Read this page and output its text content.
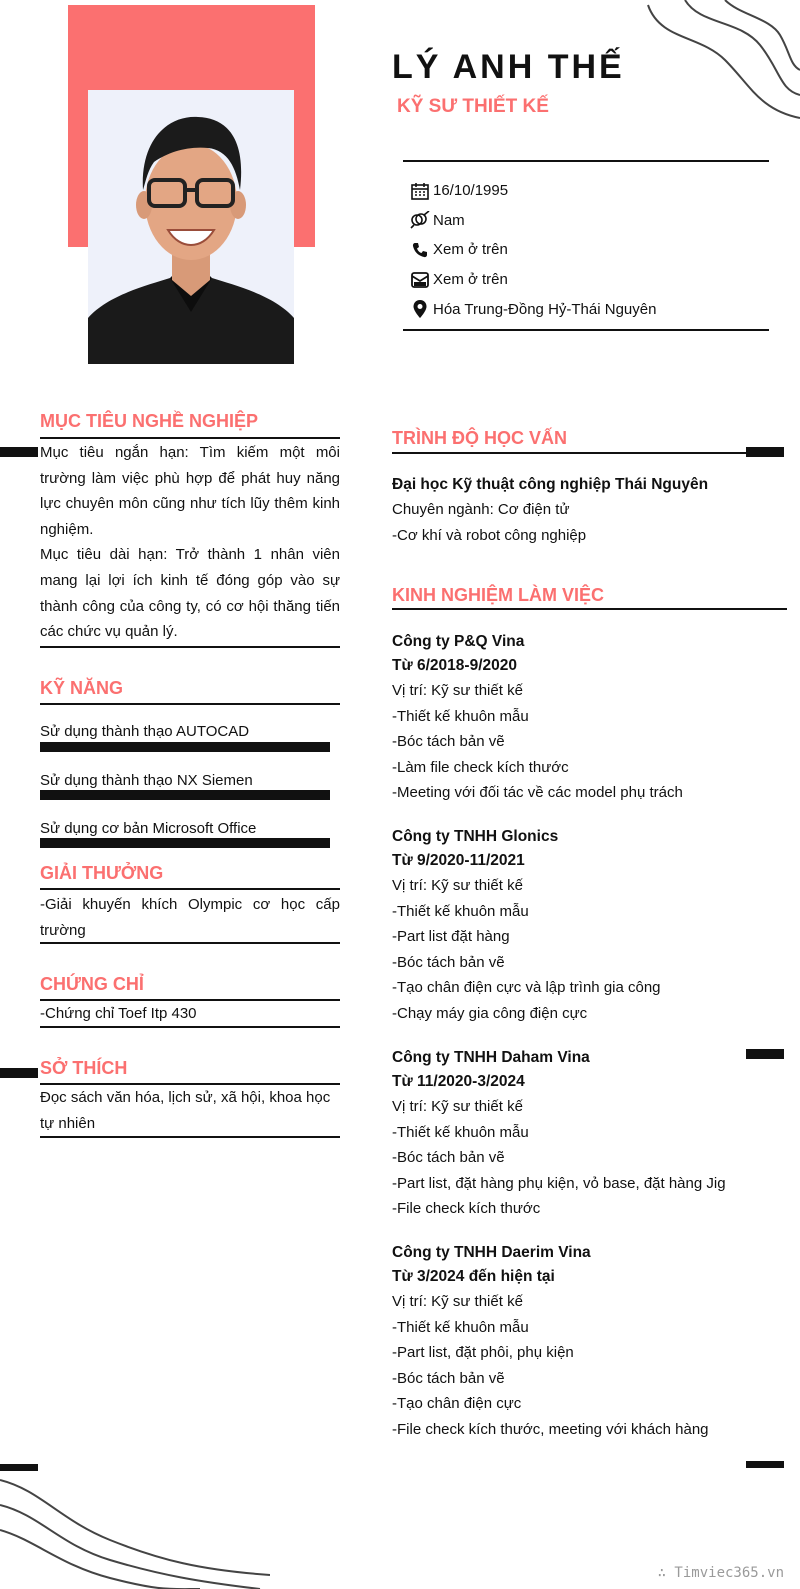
LÝ ANH THẾ
KỸ SƯ THIẾT KẾ
16/10/1995
Nam
Xem ở trên
Xem ở trên
Hóa Trung-Đồng Hỷ-Thái Nguyên
MỤC TIÊU NGHỀ NGHIỆP
Mục tiêu ngắn hạn: Tìm kiếm một môi trường làm việc phù hợp để phát huy năng lực chuyên môn cũng như tích lũy thêm kinh nghiệm.
Mục tiêu dài hạn: Trở thành 1 nhân viên mang lại lợi ích kinh tế đóng góp vào sự thành công của công ty, có cơ hội thăng tiến các chức vụ quản lý.
KỸ NĂNG
Sử dụng thành thạo AUTOCAD
Sử dụng thành thạo NX Siemen
Sử dụng cơ bản Microsoft Office
GIẢI THƯỞNG
-Giải khuyến khích Olympic cơ học cấp trường
CHỨNG CHỈ
-Chứng chỉ Toef Itp 430
SỞ THÍCH
Đọc sách văn hóa, lịch sử, xã hội, khoa học tự nhiên
TRÌNH ĐỘ HỌC VẤN
Đại học Kỹ thuật công nghiệp Thái Nguyên
Chuyên ngành: Cơ điện tử
-Cơ khí và robot công nghiệp
KINH NGHIỆM LÀM VIỆC
Công ty P&Q Vina
Từ 6/2018-9/2020
Vị trí: Kỹ sư thiết kế
-Thiết kế khuôn mẫu
-Bóc tách bản vẽ
-Làm file check kích thước
-Meeting với đối tác về các model phụ trách
Công ty TNHH Glonics
Từ 9/2020-11/2021
Vị trí: Kỹ sư thiết kế
-Thiết kế khuôn mẫu
-Part list đặt hàng
-Bóc tách bản vẽ
-Tạo chân điện cực và lập trình gia công
-Chạy máy gia công điện cực
Công ty TNHH Daham Vina
Từ 11/2020-3/2024
Vị trí: Kỹ sư thiết kế
-Thiết kế khuôn mẫu
-Bóc tách bản vẽ
-Part list, đặt hàng phụ kiện, vỏ base, đặt hàng Jig
-File check kích thước
Công ty TNHH Daerim Vina
Từ 3/2024 đến hiện tại
Vị trí: Kỹ sư thiết kế
-Thiết kế khuôn mẫu
-Part list, đặt phôi, phụ kiện
-Bóc tách bản vẽ
-Tạo chân điện cực
-File check kích thước, meeting với khách hàng
∴ Timviec365.vn
